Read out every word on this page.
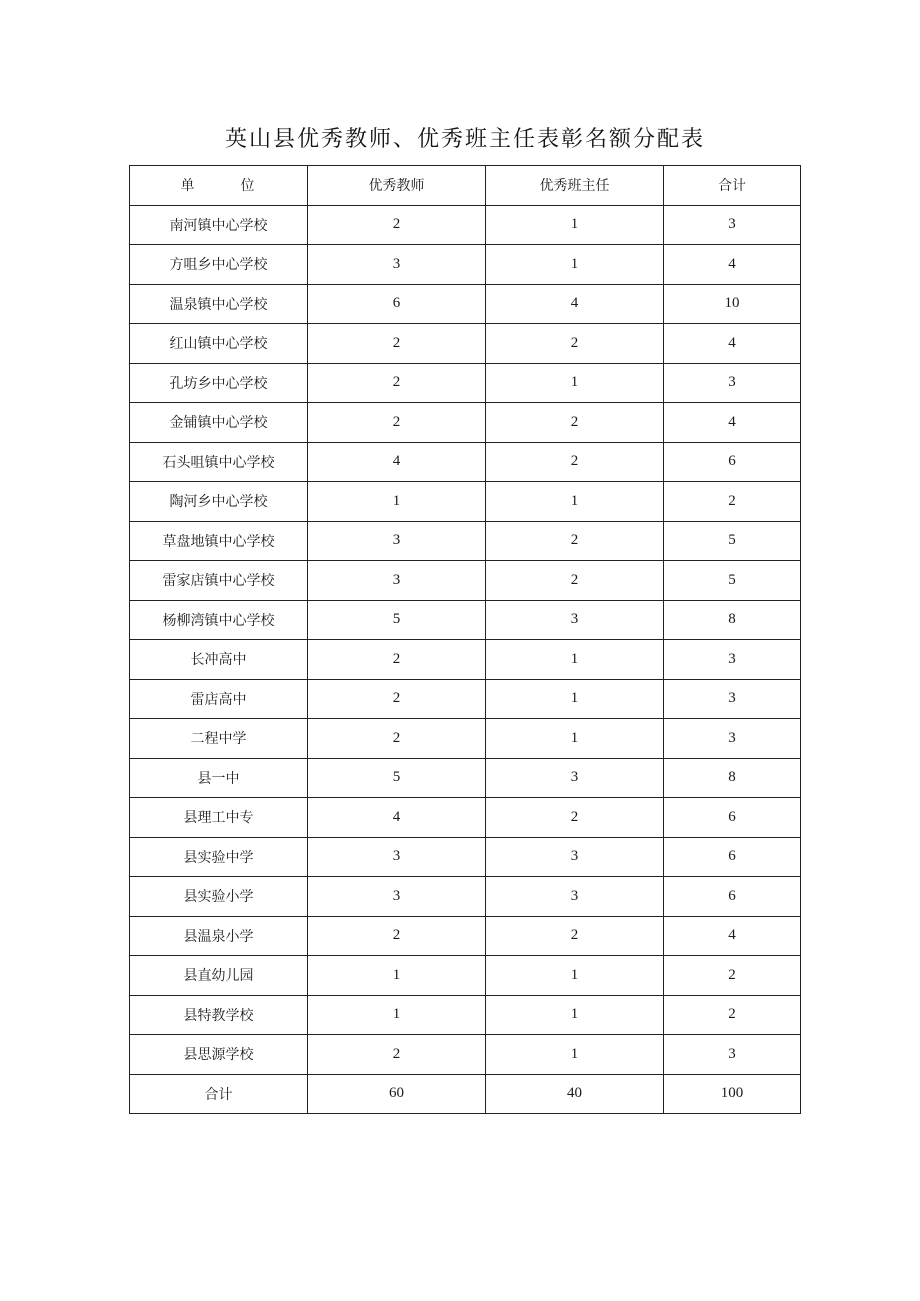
英山县优秀教师、优秀班主任表彰名额分配表
单 位	优秀教师	优秀班主任	合计
南河镇中心学校	2	1	3
方咀乡中心学校	3	1	4
温泉镇中心学校	6	4	10
红山镇中心学校	2	2	4
孔坊乡中心学校	2	1	3
金铺镇中心学校	2	2	4
石头咀镇中心学校	4	2	6
陶河乡中心学校	1	1	2
草盘地镇中心学校	3	2	5
雷家店镇中心学校	3	2	5
杨柳湾镇中心学校	5	3	8
长冲高中	2	1	3
雷店高中	2	1	3
二程中学	2	1	3
县一中	5	3	8
县理工中专	4	2	6
县实验中学	3	3	6
县实验小学	3	3	6
县温泉小学	2	2	4
县直幼儿园	1	1	2
县特教学校	1	1	2
县思源学校	2	1	3
合计	60	40	100
